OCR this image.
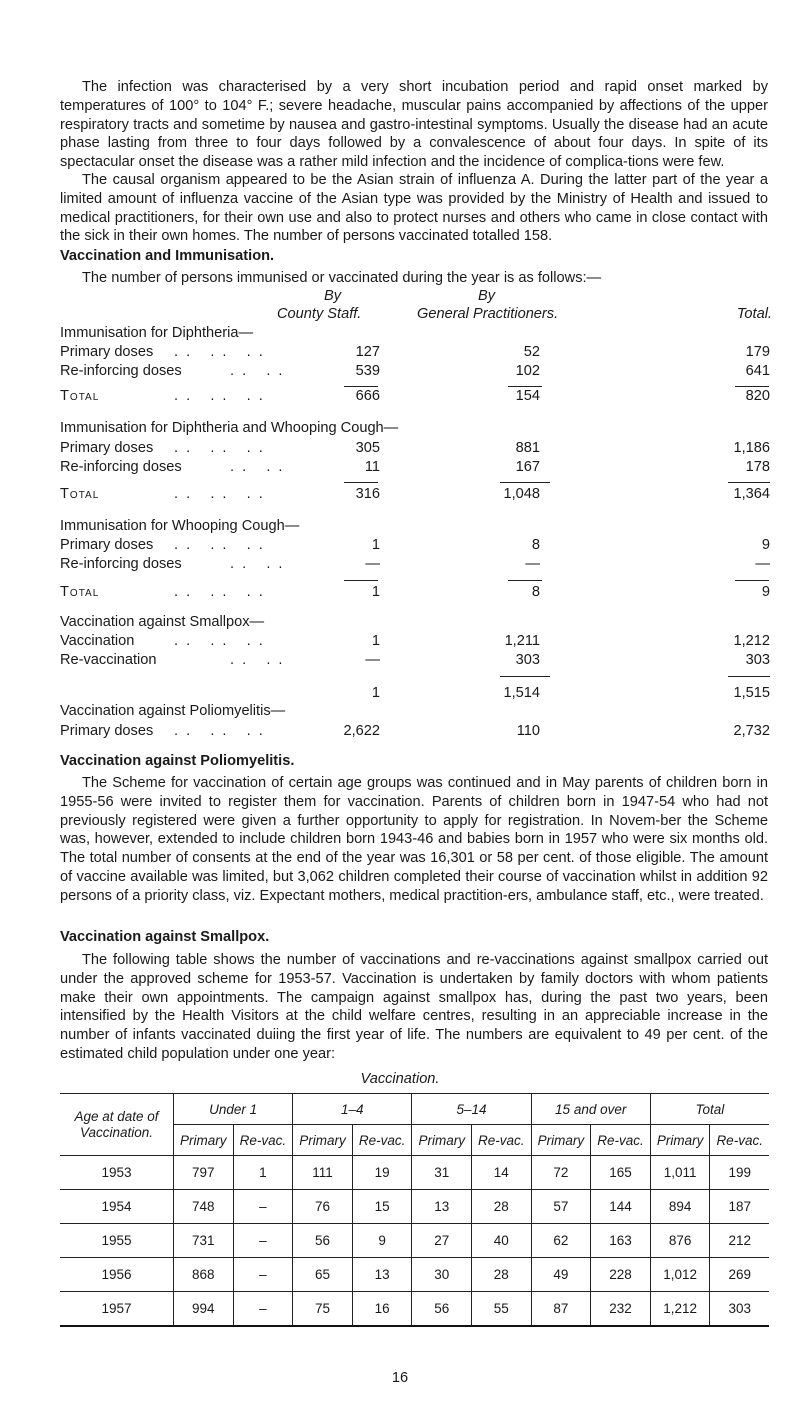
The infection was characterised by a very short incubation period and rapid onset marked by temperatures of 100° to 104° F.; severe headache, muscular pains accompanied by affections of the upper respiratory tracts and sometime by nausea and gastro-intestinal symptoms. Usually the disease had an acute phase lasting from three to four days followed by a convalescence of about four days. In spite of its spectacular onset the disease was a rather mild infection and the incidence of complica-tions were few.

The causal organism appeared to be the Asian strain of influenza A. During the latter part of the year a limited amount of influenza vaccine of the Asian type was provided by the Ministry of Health and issued to medical practitioners, for their own use and also to protect nurses and others who came in close contact with the sick in their own homes. The number of persons vaccinated totalled 158.

Vaccination and Immunisation.

The number of persons immunised or vaccinated during the year is as follows:—

By	By
County Staff.	General Practitioners.	Total.
Immunisation for Diphtheria—
Primary doses . .   . .   . .	127	52	179
Re-inforcing doses	. .   . .	539	102	641
Total	. .   . .   . .	666	154	820
Immunisation for Diphtheria and Whooping Cough—
Primary doses . .   . .   . .	305	881	1,186
Re-inforcing doses	. .   . .	11	167	178
Total	. .   . .   . .	316	1,048	1,364
Immunisation for Whooping Cough—
Primary doses . .   . .   . .	1	8	9
Re-inforcing doses	. .   . .	—	—	—
Total	. .   . .   . .	1	8	9
Vaccination against Smallpox—
Vaccination	. .   . .   . .	1	1,211	1,212
Re-vaccination	. .   . .	—	303	303
1	1,514	1,515
Vaccination against Poliomyelitis—
Primary doses . .   . .   . .	2,622	110	2,732

Vaccination against Poliomyelitis.

The Scheme for vaccination of certain age groups was continued and in May parents of children born in 1955-56 were invited to register them for vaccination. Parents of children born in 1947-54 who had not previously registered were given a further opportunity to apply for registration. In Novem-ber the Scheme was, however, extended to include children born 1943-46 and babies born in 1957 who were six months old. The total number of consents at the end of the year was 16,301 or 58 per cent. of those eligible. The amount of vaccine available was limited, but 3,062 children completed their course of vaccination whilst in addition 92 persons of a priority class, viz. Expectant mothers, medical practition-ers, ambulance staff, etc., were treated.

Vaccination against Smallpox.

The following table shows the number of vaccinations and re-vaccinations against smallpox carried out under the approved scheme for 1953-57. Vaccination is undertaken by family doctors with whom patients make their own appointments. The campaign against smallpox has, during the past two years, been intensified by the Health Visitors at the child welfare centres, resulting in an appreciable increase in the number of infants vaccinated duiing the first year of life. The numbers are equivalent to 49 per cent. of the estimated child population under one year:

Vaccination.
Age at date of
Vaccination.	Under 1		1–4		5–14		15 and over		Total	
	Primary	Re-vac.	Primary	Re-vac.	Primary	Re-vac.	Primary	Re-vac.	Primary	Re-vac.
1953	797	1	111	19	31	14	72	165	1,011	199
1954	748	–	76	15	13	28	57	144	894	187
1955	731	–	56	9	27	40	62	163	876	212
1956	868	–	65	13	30	28	49	228	1,012	269
1957	994	–	75	16	56	55	87	232	1,212	303
16
